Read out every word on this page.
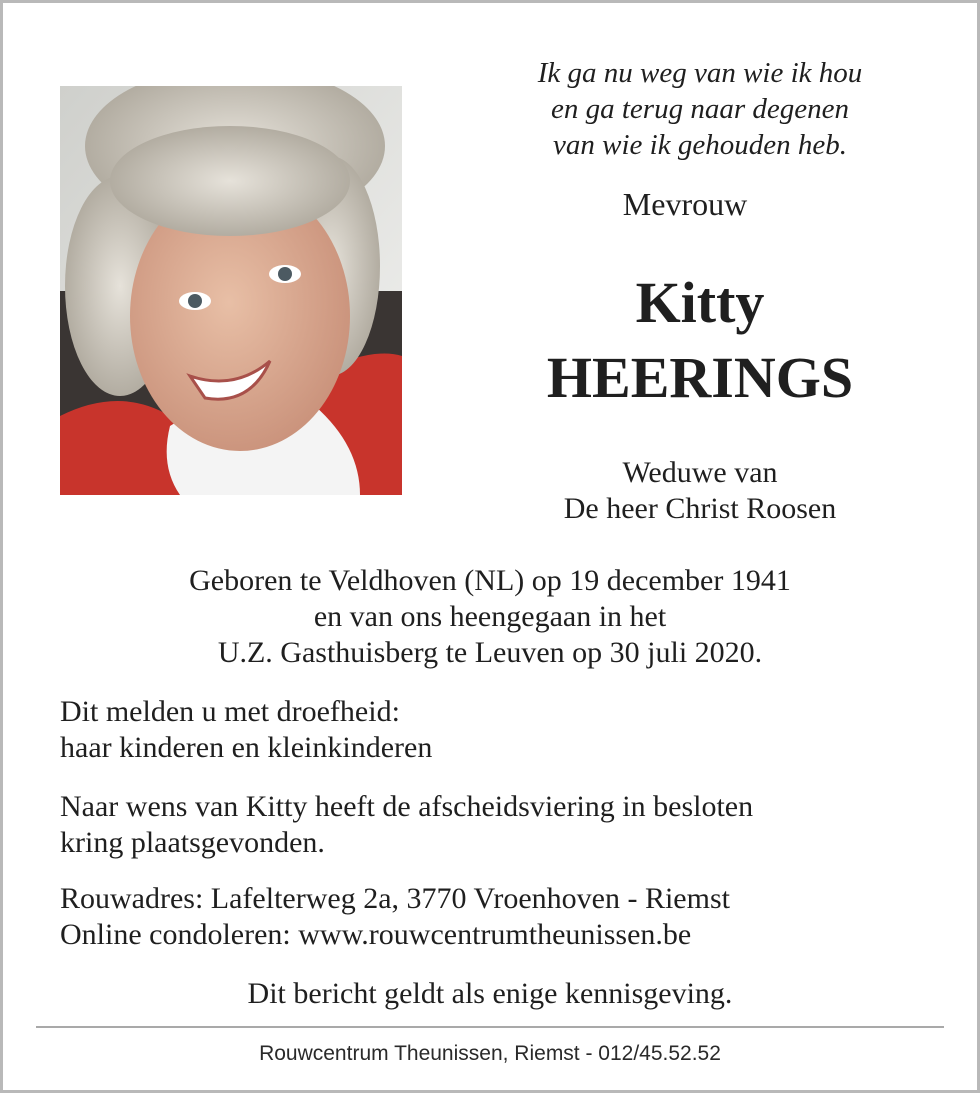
Ik ga nu weg van wie ik hou
en ga terug naar degenen
van wie ik gehouden heb.
Mevrouw
Kitty
HEERINGS
Weduwe van
De heer Christ Roosen
Geboren te Veldhoven (NL) op 19 december 1941
en van ons heengegaan in het
U.Z. Gasthuisberg te Leuven op 30 juli 2020.
Dit melden u met droefheid:
haar kinderen en kleinkinderen
Naar wens van Kitty heeft de afscheidsviering in besloten
kring plaatsgevonden.
Rouwadres: Lafelterweg 2a, 3770 Vroenhoven - Riemst
Online condoleren: www.rouwcentrumtheunissen.be
Dit bericht geldt als enige kennisgeving.
Rouwcentrum Theunissen, Riemst - 012/45.52.52
